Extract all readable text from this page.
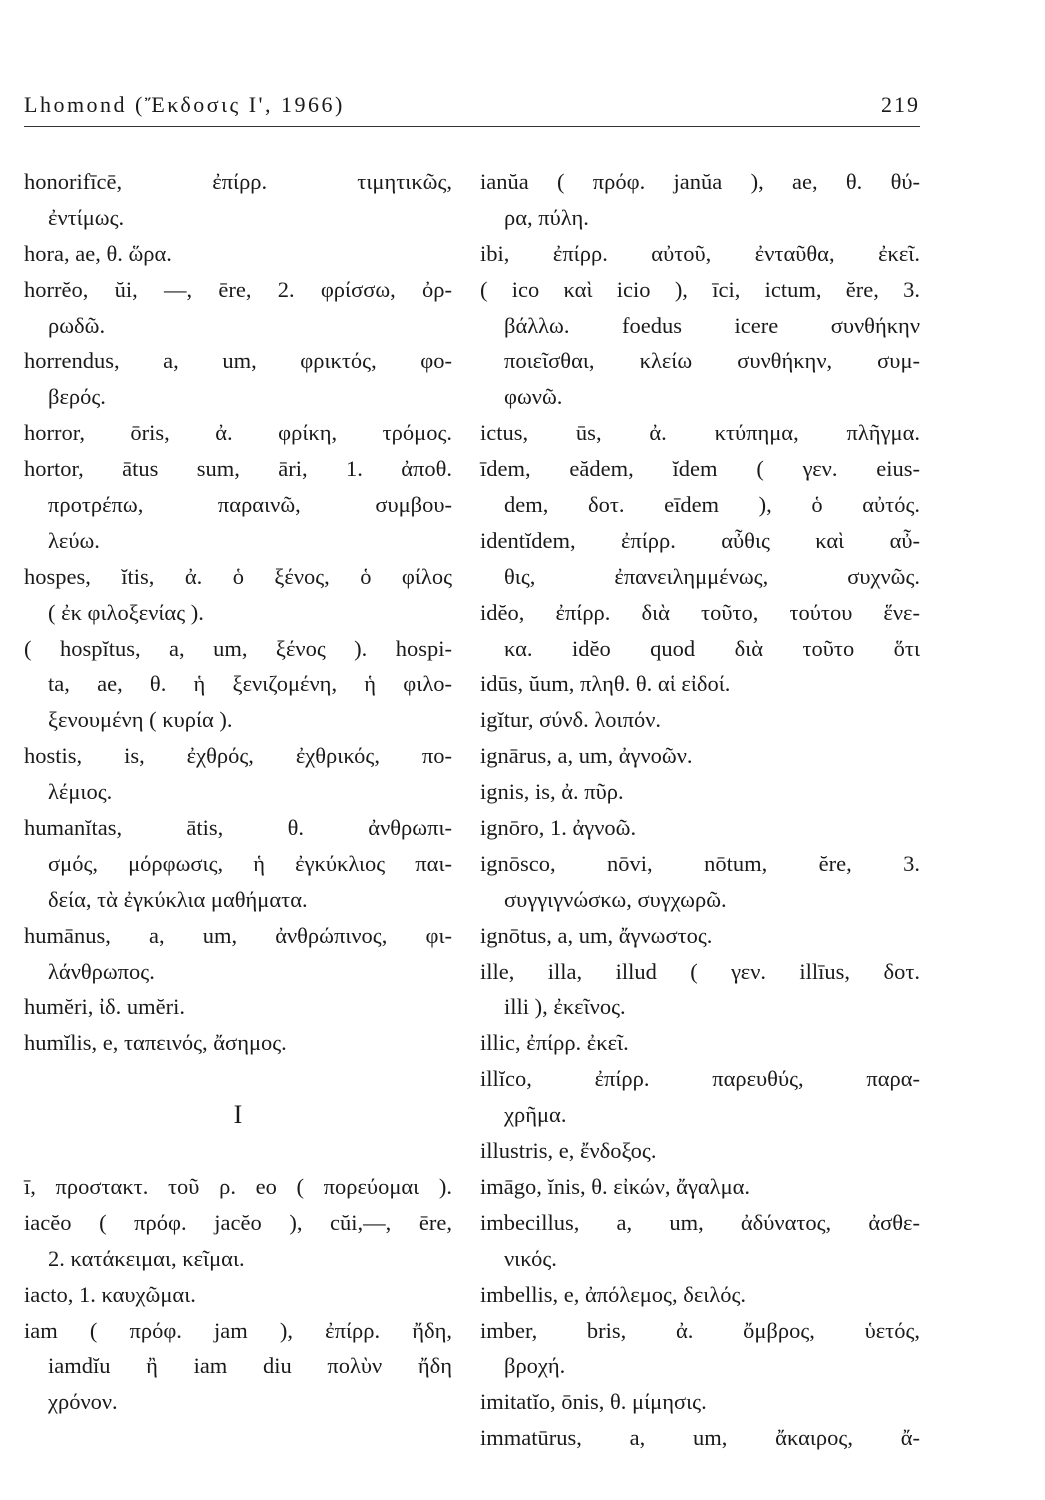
Lhomond (Ἔκδοσις Ι', 1966)	219
honorifīcē, ἐπίρρ. τιμητικῶς,
ἐντίμως.
hora, ae, θ. ὥρα.
horrĕo, ŭi, —, ēre, 2. φρίσσω, ὀρ-
ρωδῶ.
horrendus, a, um, φρικτός, φο-
βερός.
horror, ōris, ἀ. φρίκη, τρόμος.
hortor, ātus sum, āri, 1. ἀποθ.
προτρέπω, παραινῶ, συμβου-
λεύω.
hospes, ĭtis, ἀ. ὁ ξένος, ὁ φίλος
( ἐκ φιλοξενίας ).
( hospĭtus, a, um, ξένος ). hospi-
ta, ae, θ. ἡ ξενιζομένη, ἡ φιλο-
ξενουμένη ( κυρία ).
hostis, is, ἐχθρός, ἐχθρικός, πο-
λέμιος.
humanĭtas, ātis, θ. ἀνθρωπι-
σμός, μόρφωσις, ἡ ἐγκύκλιος παι-
δεία, τὰ ἐγκύκλια μαθήματα.
humānus, a, um, ἀνθρώπινος, φι-
λάνθρωπος.
humĕri, ἰδ. umĕri.
humĭlis, e, ταπεινός, ἄσημος.
I
ī, προστακτ. τοῦ ρ. eo ( πορεύομαι ).
iacĕo ( πρόφ. jacĕo ), cŭi,—, ēre,
2. κατάκειμαι, κεῖμαι.
iacto, 1. καυχῶμαι.
iam ( πρόφ. jam ), ἐπίρρ. ἤδη,
iamdĭu ἢ iam diu πολὺν ἤδη
χρόνον.
ianŭa ( πρόφ. janŭa ), ae, θ. θύ-
ρα, πύλη.
ibi, ἐπίρρ. αὐτοῦ, ἐνταῦθα, ἐκεῖ.
( ico καὶ icio ), īci, ictum, ĕre, 3.
βάλλω. foedus icere συνθήκην
ποιεῖσθαι, κλείω συνθήκην, συμ-
φωνῶ.
ictus, ūs, ἀ. κτύπημα, πλῆγμα.
īdem, eădem, ĭdem ( γεν. eius-
dem, δοτ. eīdem ), ὁ αὐτός.
identĭdem, ἐπίρρ. αὖθις καὶ αὖ-
θις, ἐπανειλημμένως, συχνῶς.
idĕo, ἐπίρρ. διὰ τοῦτο, τούτου ἕνε-
κα. idĕo quod διὰ τοῦτο ὅτι
idūs, ŭum, πληθ. θ. αἱ εἰδοί.
igĭtur, σύνδ. λοιπόν.
ignārus, a, um, ἀγνοῶν.
ignis, is, ἀ. πῦρ.
ignōro, 1. ἀγνοῶ.
ignōsco, nōvi, nōtum, ĕre, 3.
συγγιγνώσκω, συγχωρῶ.
ignōtus, a, um, ἄγνωστος.
ille, illa, illud ( γεν. illīus, δοτ.
illi ), ἐκεῖνος.
illic, ἐπίρρ. ἐκεῖ.
illĭco, ἐπίρρ. παρευθύς, παρα-
χρῆμα.
illustris, e, ἔνδοξος.
imāgo, ĭnis, θ. εἰκών, ἄγαλμα.
imbecillus, a, um, ἀδύνατος, ἀσθε-
νικός.
imbellis, e, ἀπόλεμος, δειλός.
imber, bris, ἀ. ὄμβρος, ὑετός,
βροχή.
imitatĭo, ōnis, θ. μίμησις.
immatūrus, a, um, ἄκαιρος, ἄ-
